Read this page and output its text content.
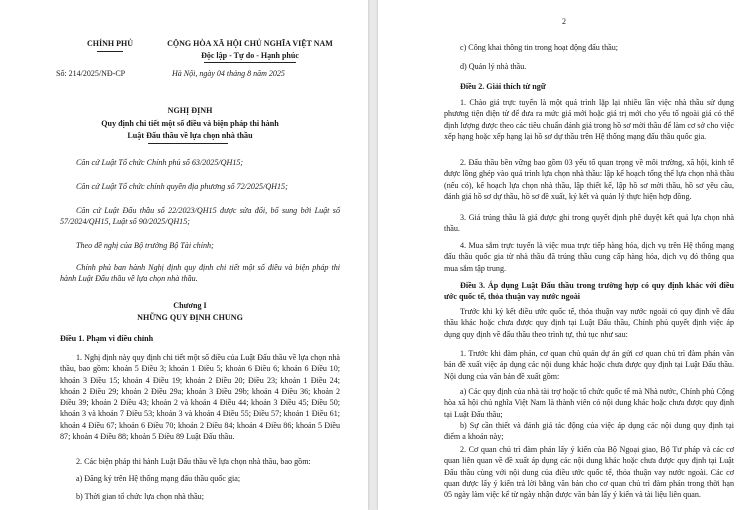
CHÍNH PHỦ	CỘNG HÒA XÃ HỘI CHỦ NGHĨA VIỆT NAM
Độc lập - Tự do - Hạnh phúc
Số: 214/2025/NĐ-CP	Hà Nội, ngày 04 tháng 8 năm 2025
NGHỊ ĐỊNH
Quy định chi tiết một số điều và biện pháp thi hành
Luật Đấu thầu về lựa chọn nhà thầu

Căn cứ Luật Tổ chức Chính phủ số 63/2025/QH15;

Căn cứ Luật Tổ chức chính quyền địa phương số 72/2025/QH15;

Căn cứ Luật Đấu thầu số 22/2023/QH15 được sửa đổi, bổ sung bởi Luật số 57/2024/QH15, Luật số 90/2025/QH15;

Theo đề nghị của Bộ trưởng Bộ Tài chính;

Chính phủ ban hành Nghị định quy định chi tiết một số điều và biện pháp thi hành Luật Đấu thầu về lựa chọn nhà thầu.

Chương I
NHỮNG QUY ĐỊNH CHUNG
Điều 1. Phạm vi điều chỉnh

1. Nghị định này quy định chi tiết một số điều của Luật Đấu thầu về lựa chọn nhà thầu, bao gồm: khoản 5 Điều 3; khoản 1 Điều 5; khoản 6 Điều 6; khoản 6 Điều 10; khoản 3 Điều 15; khoản 4 Điều 19; khoản 2 Điều 20; Điều 23; khoản 1 Điều 24; khoản 2 Điều 29; khoản 2 Điều 29a; khoản 3 Điều 29b; khoản 4 Điều 36; khoản 2 Điều 39; khoản 2 Điều 43; khoản 2 và khoản 4 Điều 44; khoản 3 Điều 45; Điều 50; khoản 3 và khoản 7 Điều 53; khoản 3 và khoản 4 Điều 55; Điều 57; khoản 1 Điều 61; khoản 4 Điều 67; khoản 6 Điều 70; khoản 2 Điều 84; khoản 4 Điều 86; khoản 5 Điều 87; khoản 4 Điều 88; khoản 5 Điều 89 Luật Đấu thầu.

2. Các biện pháp thi hành Luật Đấu thầu về lựa chọn nhà thầu, bao gồm:

a) Đăng ký trên Hệ thống mạng đấu thầu quốc gia;

b) Thời gian tổ chức lựa chọn nhà thầu;

2

c) Công khai thông tin trong hoạt động đấu thầu;

d) Quản lý nhà thầu.

Điều 2. Giải thích từ ngữ

1. Chào giá trực tuyến là một quá trình lặp lại nhiều lần việc nhà thầu sử dụng phương tiện điện tử để đưa ra mức giá mới hoặc giá trị mới cho yếu tố ngoài giá có thể định lượng được theo các tiêu chuẩn đánh giá trong hồ sơ mời thầu để làm cơ sở cho việc xếp hạng hoặc xếp hạng lại hồ sơ dự thầu trên Hệ thống mạng đấu thầu quốc gia.

2. Đấu thầu bền vững bao gồm 03 yếu tố quan trọng về môi trường, xã hội, kinh tế được lồng ghép vào quá trình lựa chọn nhà thầu: lập kế hoạch tổng thể lựa chọn nhà thầu (nếu có), kế hoạch lựa chọn nhà thầu, lập thiết kế, lập hồ sơ mời thầu, hồ sơ yêu cầu, đánh giá hồ sơ dự thầu, hồ sơ đề xuất, ký kết và quản lý thực hiện hợp đồng.

3. Giá trúng thầu là giá được ghi trong quyết định phê duyệt kết quả lựa chọn nhà thầu.

4. Mua sắm trực tuyến là việc mua trực tiếp hàng hóa, dịch vụ trên Hệ thống mạng đấu thầu quốc gia từ nhà thầu đã trúng thầu cung cấp hàng hóa, dịch vụ đó thông qua mua sắm tập trung.

Điều 3. Áp dụng Luật Đấu thầu trong trường hợp có quy định khác với điều ước quốc tế, thỏa thuận vay nước ngoài

Trước khi ký kết điều ước quốc tế, thỏa thuận vay nước ngoài có quy định về đấu thầu khác hoặc chưa được quy định tại Luật Đấu thầu, Chính phủ quyết định việc áp dụng quy định về đấu thầu theo trình tự, thủ tục như sau:

1. Trước khi đàm phán, cơ quan chủ quản dự án gửi cơ quan chủ trì đàm phán văn bản đề xuất việc áp dụng các nội dung khác hoặc chưa được quy định tại Luật Đấu thầu. Nội dung của văn bản đề xuất gồm:

a) Các quy định của nhà tài trợ hoặc tổ chức quốc tế mà Nhà nước, Chính phủ Cộng hòa xã hội chủ nghĩa Việt Nam là thành viên có nội dung khác hoặc chưa được quy định tại Luật Đấu thầu;

b) Sự cần thiết và đánh giá tác động của việc áp dụng các nội dung quy định tại điểm a khoản này;

2. Cơ quan chủ trì đàm phán lấy ý kiến của Bộ Ngoại giao, Bộ Tư pháp và các cơ quan liên quan về đề xuất áp dụng các nội dung khác hoặc chưa được quy định tại Luật Đấu thầu cùng với nội dung của điều ước quốc tế, thỏa thuận vay nước ngoài. Các cơ quan được lấy ý kiến trả lời bằng văn bản cho cơ quan chủ trì đàm phán trong thời hạn 05 ngày làm việc kể từ ngày nhận được văn bản lấy ý kiến và tài liệu liên quan.
